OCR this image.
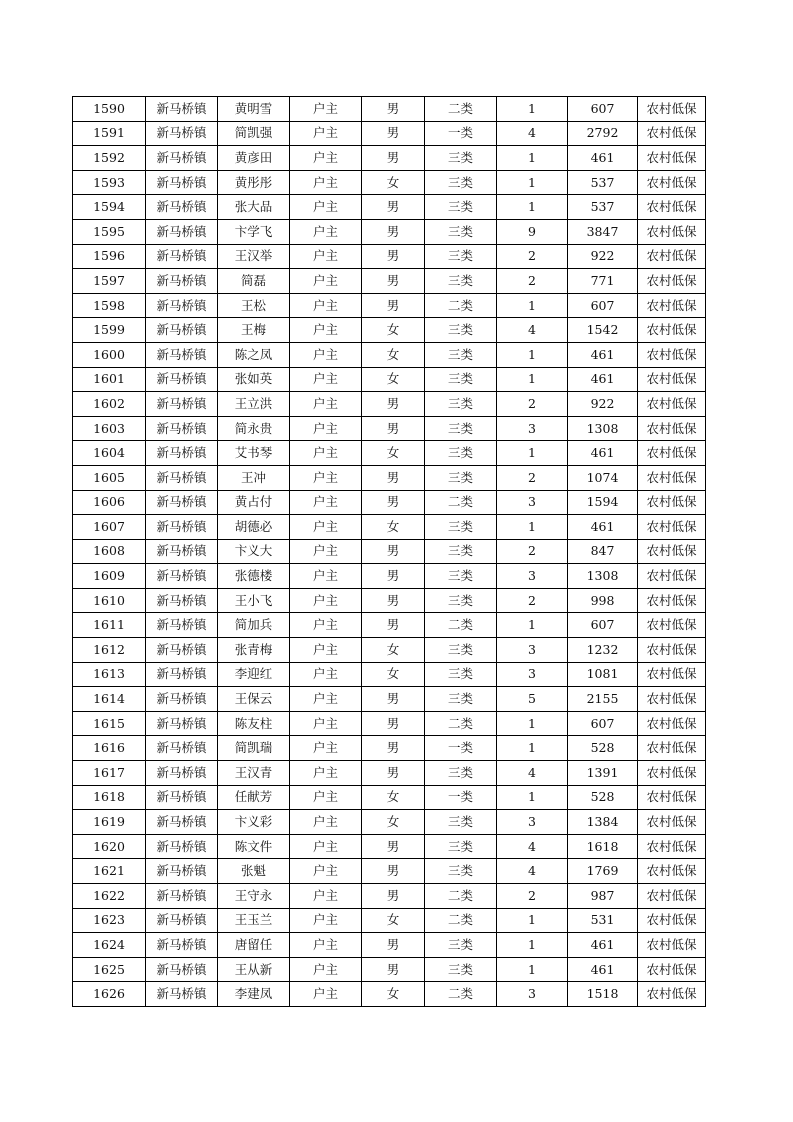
1590	新马桥镇	黄明雪	户主	男	二类	1	607	农村低保
1591	新马桥镇	简凯强	户主	男	一类	4	2792	农村低保
1592	新马桥镇	黄彦田	户主	男	三类	1	461	农村低保
1593	新马桥镇	黄彤彤	户主	女	三类	1	537	农村低保
1594	新马桥镇	张大品	户主	男	三类	1	537	农村低保
1595	新马桥镇	卞学飞	户主	男	三类	9	3847	农村低保
1596	新马桥镇	王汉举	户主	男	三类	2	922	农村低保
1597	新马桥镇	简磊	户主	男	三类	2	771	农村低保
1598	新马桥镇	王松	户主	男	二类	1	607	农村低保
1599	新马桥镇	王梅	户主	女	三类	4	1542	农村低保
1600	新马桥镇	陈之凤	户主	女	三类	1	461	农村低保
1601	新马桥镇	张如英	户主	女	三类	1	461	农村低保
1602	新马桥镇	王立洪	户主	男	三类	2	922	农村低保
1603	新马桥镇	简永贵	户主	男	三类	3	1308	农村低保
1604	新马桥镇	艾书琴	户主	女	三类	1	461	农村低保
1605	新马桥镇	王冲	户主	男	三类	2	1074	农村低保
1606	新马桥镇	黄占付	户主	男	二类	3	1594	农村低保
1607	新马桥镇	胡德必	户主	女	三类	1	461	农村低保
1608	新马桥镇	卞义大	户主	男	三类	2	847	农村低保
1609	新马桥镇	张德楼	户主	男	三类	3	1308	农村低保
1610	新马桥镇	王小飞	户主	男	三类	2	998	农村低保
1611	新马桥镇	简加兵	户主	男	二类	1	607	农村低保
1612	新马桥镇	张青梅	户主	女	三类	3	1232	农村低保
1613	新马桥镇	李迎红	户主	女	三类	3	1081	农村低保
1614	新马桥镇	王保云	户主	男	三类	5	2155	农村低保
1615	新马桥镇	陈友柱	户主	男	二类	1	607	农村低保
1616	新马桥镇	简凯瑞	户主	男	一类	1	528	农村低保
1617	新马桥镇	王汉青	户主	男	三类	4	1391	农村低保
1618	新马桥镇	任献芳	户主	女	一类	1	528	农村低保
1619	新马桥镇	卞义彩	户主	女	三类	3	1384	农村低保
1620	新马桥镇	陈文件	户主	男	三类	4	1618	农村低保
1621	新马桥镇	张魁	户主	男	三类	4	1769	农村低保
1622	新马桥镇	王守永	户主	男	二类	2	987	农村低保
1623	新马桥镇	王玉兰	户主	女	二类	1	531	农村低保
1624	新马桥镇	唐留任	户主	男	三类	1	461	农村低保
1625	新马桥镇	王从新	户主	男	三类	1	461	农村低保
1626	新马桥镇	李建凤	户主	女	二类	3	1518	农村低保
